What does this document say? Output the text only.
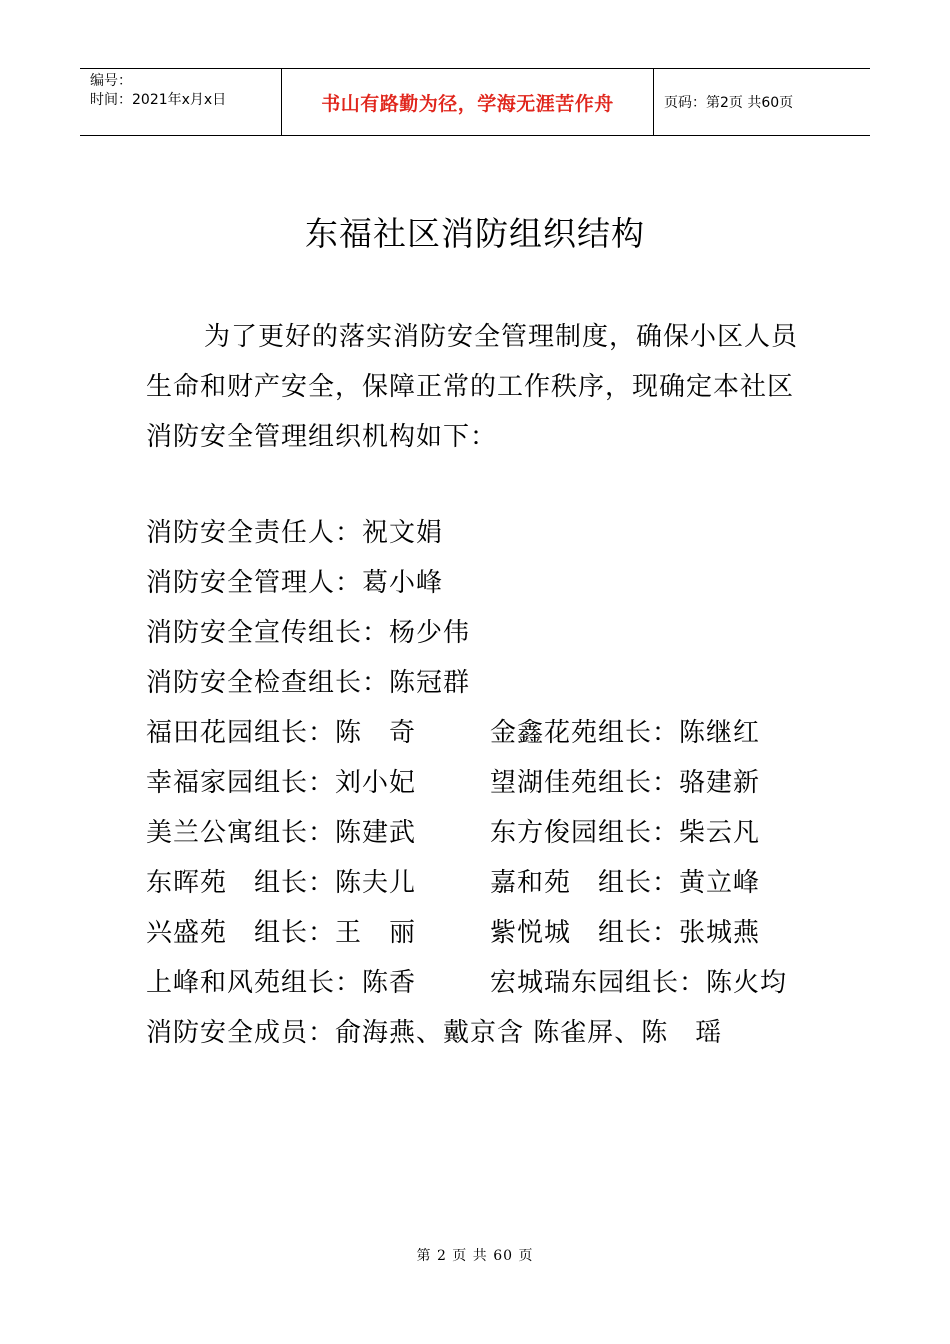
编号：
时间：2021年x月x日	书山有路勤为径，学海无涯苦作舟	页码：第2页 共60页
东福社区消防组织结构
为了更好的落实消防安全管理制度，确保小区人员生命和财产安全，保障正常的工作秩序，现确定本社区消防安全管理组织机构如下：
消防安全责任人：祝文娟
消防安全管理人：葛小峰
消防安全宣传组长：杨少伟
消防安全检查组长：陈冠群
福田花园组长：陈　奇	金鑫花苑组长：陈继红
幸福家园组长：刘小妃	望湖佳苑组长：骆建新
美兰公寓组长：陈建武	东方俊园组长：柴云凡
东晖苑　组长：陈夫儿	嘉和苑　组长：黄立峰
兴盛苑　组长：王　丽	紫悦城　组长：张城燕
上峰和风苑组长：陈香	宏城瑞东园组长：陈火均
消防安全成员：俞海燕、戴京含 陈雀屏、陈　瑶
第 2 页 共 60 页
